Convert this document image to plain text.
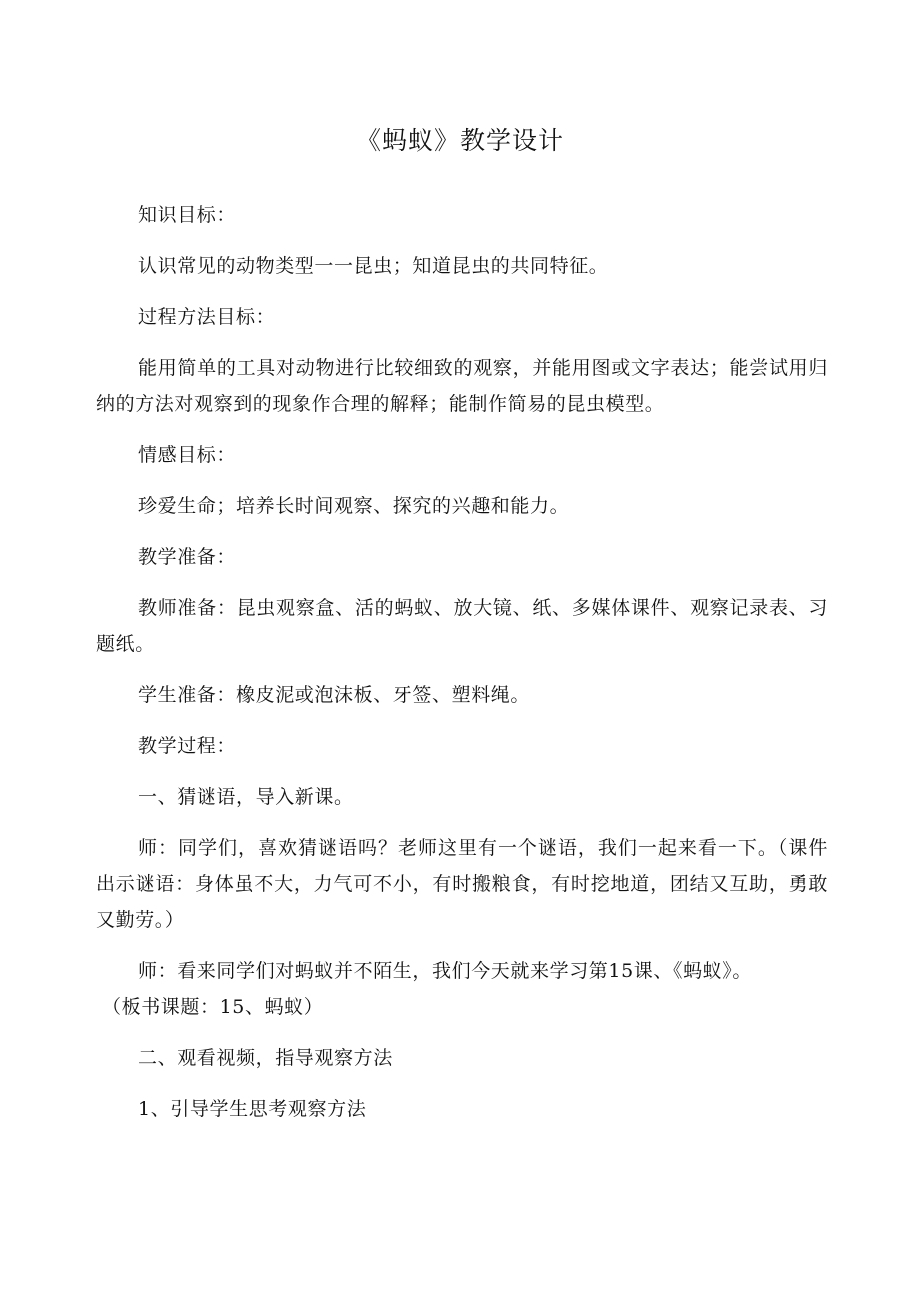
《蚂蚁》教学设计

知识目标：

认识常见的动物类型一一昆虫；知道昆虫的共同特征。

过程方法目标：

能用简单的工具对动物进行比较细致的观察，并能用图或文字表达；能尝试用归纳的方法对观察到的现象作合理的解释；能制作简易的昆虫模型。

情感目标：

珍爱生命；培养长时间观察、探究的兴趣和能力。

教学准备：

教师准备：昆虫观察盒、活的蚂蚁、放大镜、纸、多媒体课件、观察记录表、习题纸。

学生准备：橡皮泥或泡沫板、牙签、塑料绳。

教学过程：

一、猜谜语，导入新课。

师：同学们，喜欢猜谜语吗？老师这里有一个谜语，我们一起来看一下。（课件出示谜语：身体虽不大，力气可不小，有时搬粮食，有时挖地道，团结又互助，勇敢又勤劳。）

师：看来同学们对蚂蚁并不陌生，我们今天就来学习第15课、《蚂蚁》。

（板书课题：15、蚂蚁）

二、观看视频，指导观察方法

1、引导学生思考观察方法
